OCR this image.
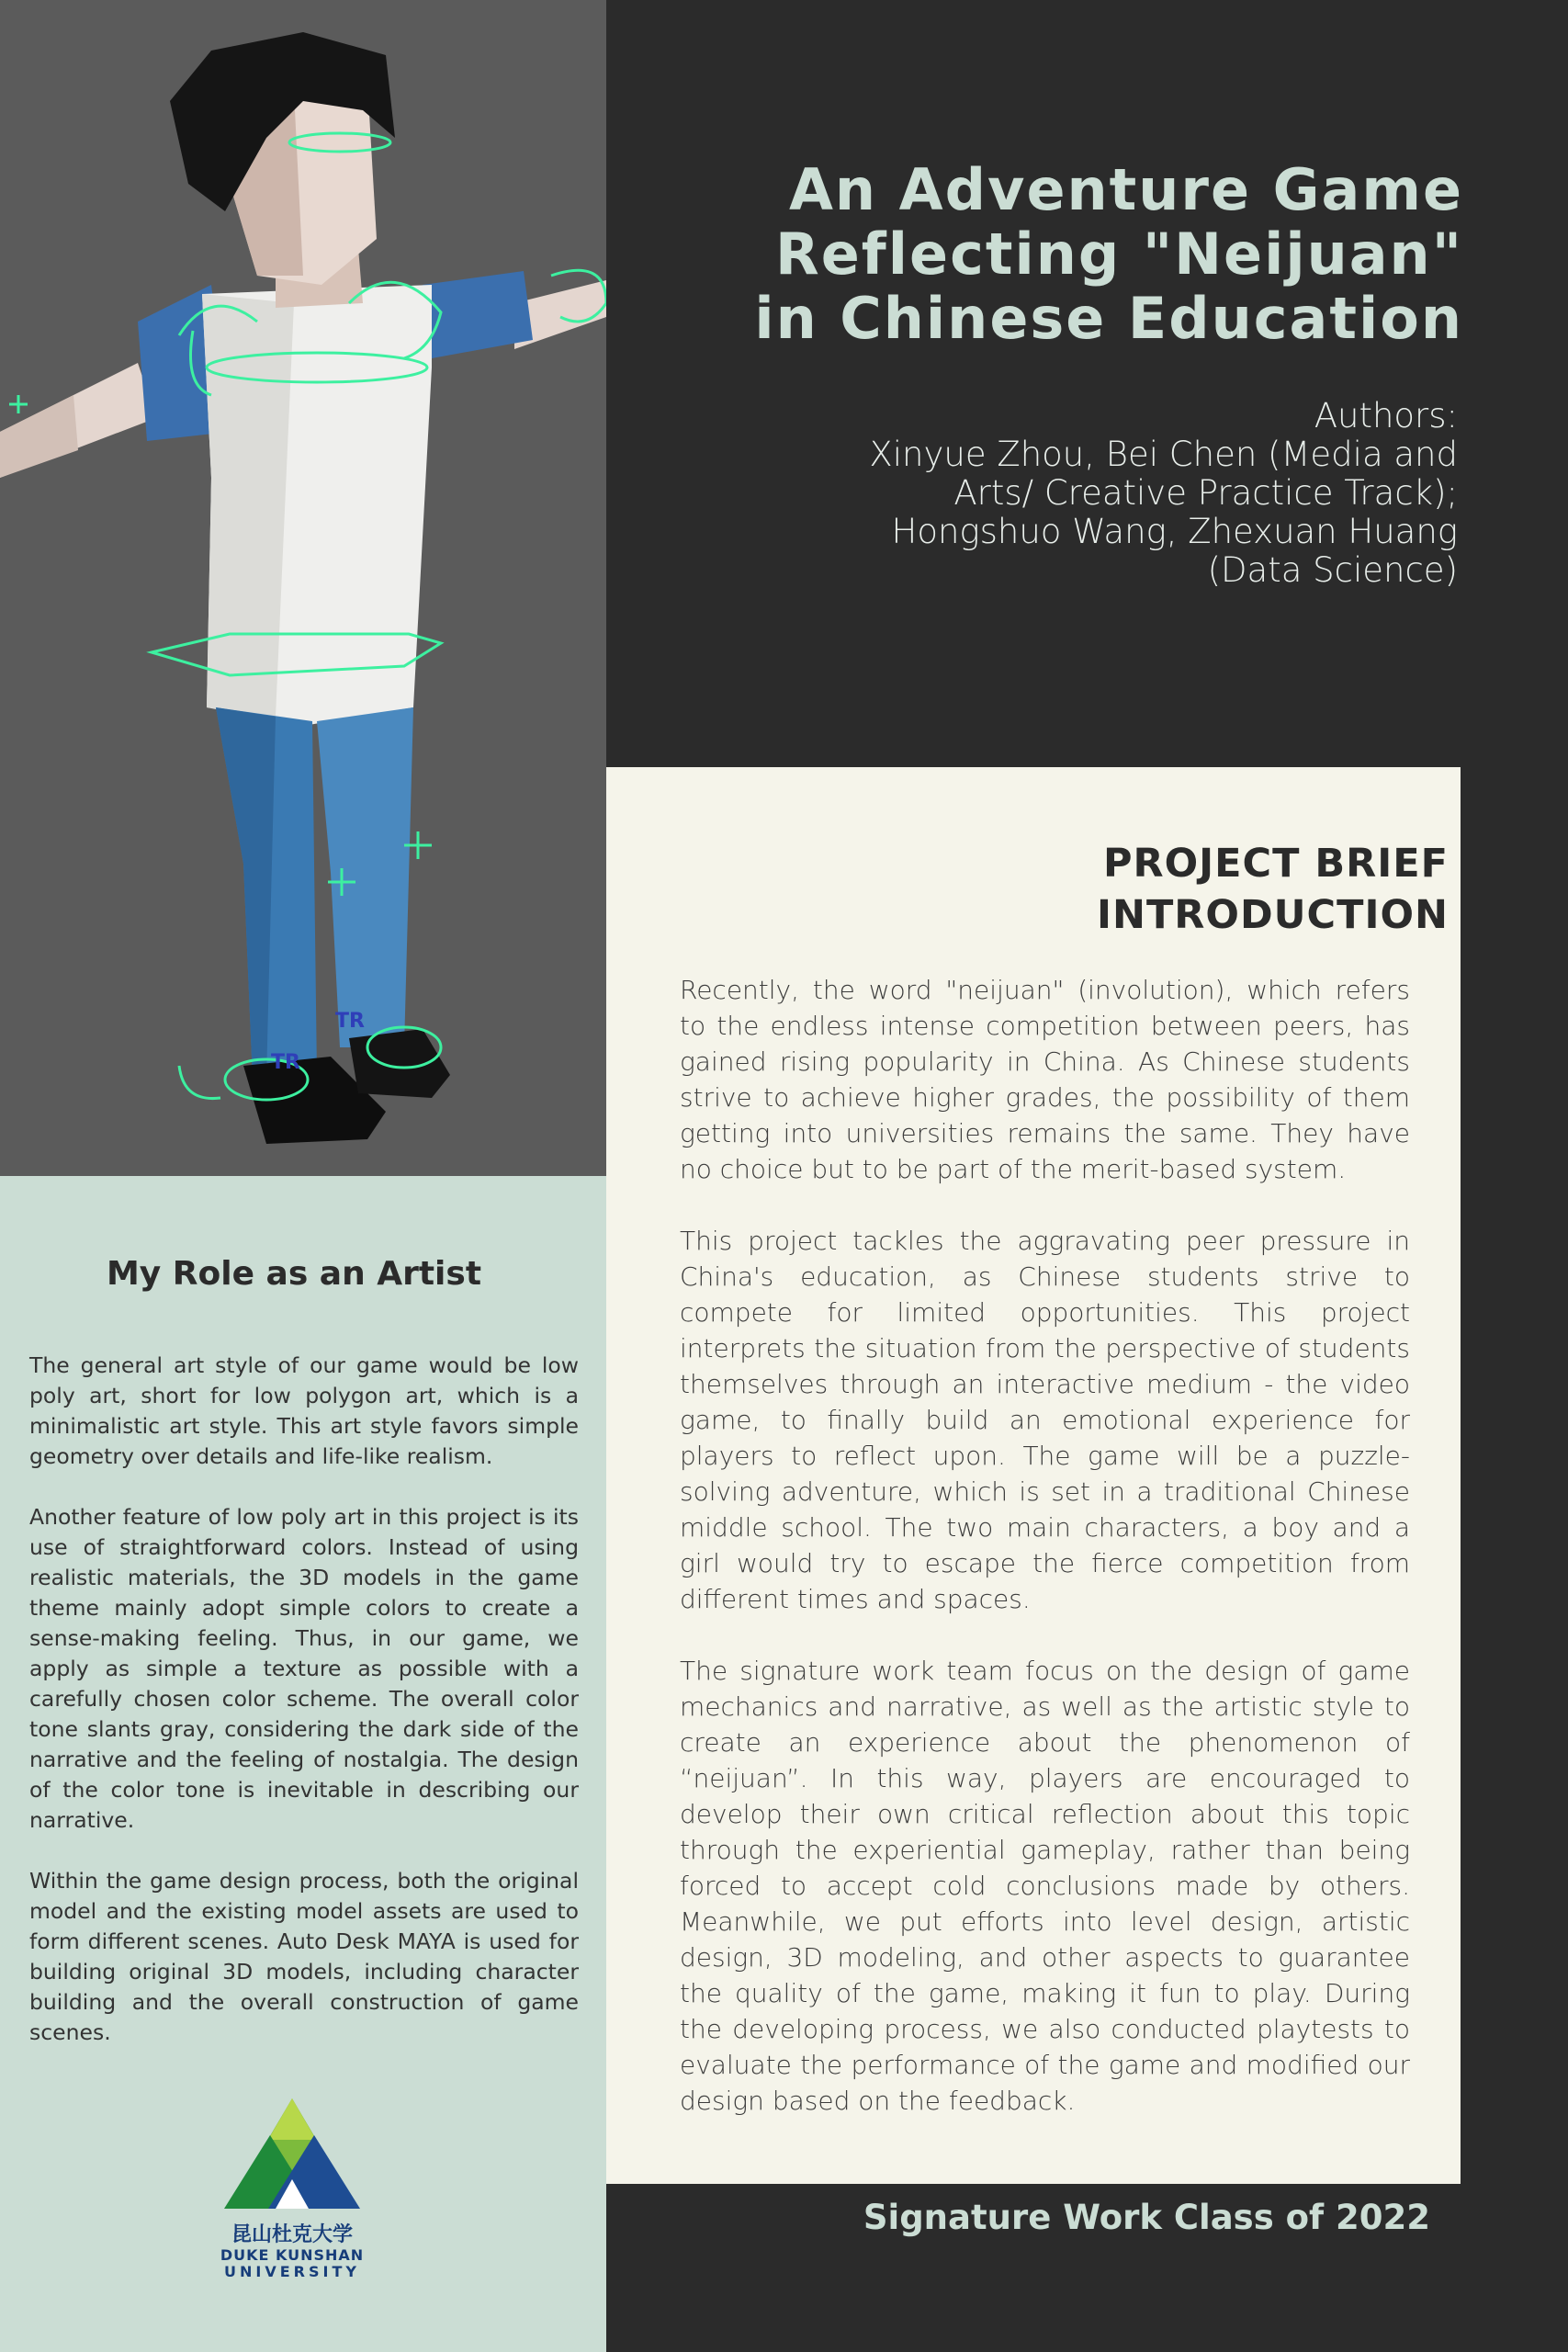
TR
TR
An Adventure Game
Reflecting "Neijuan"
in Chinese Education
Authors:
Xinyue Zhou, Bei Chen (Media and
Arts/ Creative Practice Track);
Hongshuo Wang, Zhexuan Huang
(Data Science)
PROJECT BRIEF
INTRODUCTION

Recently, the word "neijuan" (involution), which refers to the endless intense competition between peers, has gained rising popularity in China. As Chinese students strive to achieve higher grades, the possibility of them getting into universities remains the same. They have no choice but to be part of the merit-based system.

This project tackles the aggravating peer pressure in China's education, as Chinese students strive to compete for limited opportunities. This project interprets the situation from the perspective of students themselves through an interactive medium - the video game, to finally build an emotional experience for players to reflect upon. The game will be a puzzle-solving adventure, which is set in a traditional Chinese middle school. The two main characters, a boy and a girl would try to escape the fierce competition from different times and spaces.

The signature work team focus on the design of game mechanics and narrative, as well as the artistic style to create an experience about the phenomenon of “neijuan”. In this way, players are encouraged to develop their own critical reflection about this topic through the experiential gameplay, rather than being forced to accept cold conclusions made by others. Meanwhile, we put efforts into level design, artistic design, 3D modeling, and other aspects to guarantee the quality of the game, making it fun to play. During the developing process, we also conducted playtests to evaluate the performance of the game and modified our design based on the feedback.

My Role as an Artist

The general art style of our game would be low poly art, short for low polygon art, which is a minimalistic art style. This art style favors simple geometry over details and life-like realism.

Another feature of low poly art in this project is its use of straightforward colors. Instead of using realistic materials, the 3D models in the game theme mainly adopt simple colors to create a sense-making feeling. Thus, in our game, we apply as simple a texture as possible with a carefully chosen color scheme. The overall color tone slants gray, considering the dark side of the narrative and the feeling of nostalgia. The design of the color tone is inevitable in describing our narrative.

Within the game design process, both the original model and the existing model assets are used to form different scenes. Auto Desk MAYA is used for building original 3D models, including character building and the overall construction of game scenes.

昆山杜克大学
DUKE KUNSHAN
UNIVERSITY
Signature Work Class of 2022
